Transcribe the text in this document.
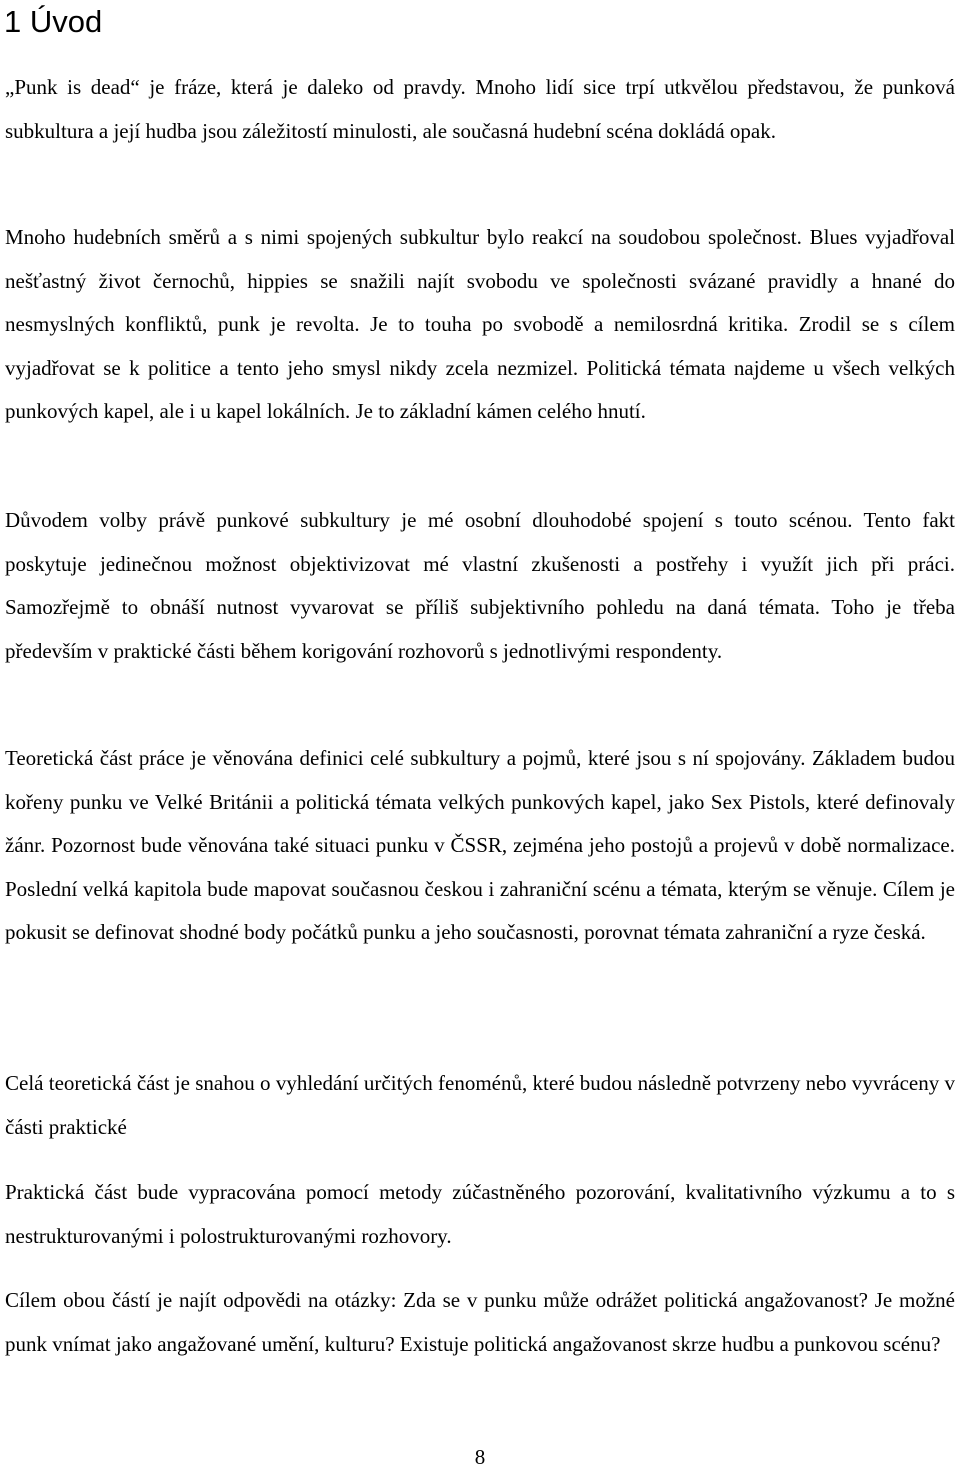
1 Úvod

„Punk is dead“ je fráze, která je daleko od pravdy. Mnoho lidí sice trpí utkvělou představou, že punková subkultura a její hudba jsou záležitostí minulosti, ale současná hudební scéna dokládá opak.

Mnoho hudebních směrů a s nimi spojených subkultur bylo reakcí na soudobou společnost. Blues vyjadřoval nešťastný život černochů, hippies se snažili najít svobodu ve společnosti svázané pravidly a hnané do nesmyslných konfliktů, punk je revolta. Je to touha po svobodě a nemilosrdná kritika. Zrodil se s cílem vyjadřovat se k politice a tento jeho smysl nikdy zcela nezmizel. Politická témata najdeme u všech velkých punkových kapel, ale i u kapel lokálních. Je to základní kámen celého hnutí.

Důvodem volby právě punkové subkultury je mé osobní dlouhodobé spojení s touto scénou. Tento fakt poskytuje jedinečnou možnost objektivizovat mé vlastní zkušenosti a postřehy i využít jich při práci. Samozřejmě to obnáší nutnost vyvarovat se příliš subjektivního pohledu na daná témata. Toho je třeba především v praktické části během korigování rozhovorů s jednotlivými respondenty.

Teoretická část práce je věnována definici celé subkultury a pojmů, které jsou s ní spojovány. Základem budou kořeny punku ve Velké Británii a politická témata velkých punkových kapel, jako Sex Pistols, které definovaly žánr. Pozornost bude věnována také situaci punku v ČSSR, zejména jeho postojů a projevů v době normalizace. Poslední velká kapitola bude mapovat současnou českou i zahraniční scénu a témata, kterým se věnuje. Cílem je pokusit se definovat shodné body počátků punku a jeho současnosti, porovnat témata zahraniční a ryze česká.

Celá teoretická část je snahou o vyhledání určitých fenoménů, které budou následně potvrzeny nebo vyvráceny v části praktické

Praktická část bude vypracována pomocí metody zúčastněného pozorování, kvalitativního výzkumu a to s nestrukturovanými i polostrukturovanými rozhovory.

Cílem obou částí je najít odpovědi na otázky: Zda se v punku může odrážet politická angažovanost? Je možné punk vnímat jako angažované umění, kulturu? Existuje politická angažovanost skrze hudbu a punkovou scénu?

8
